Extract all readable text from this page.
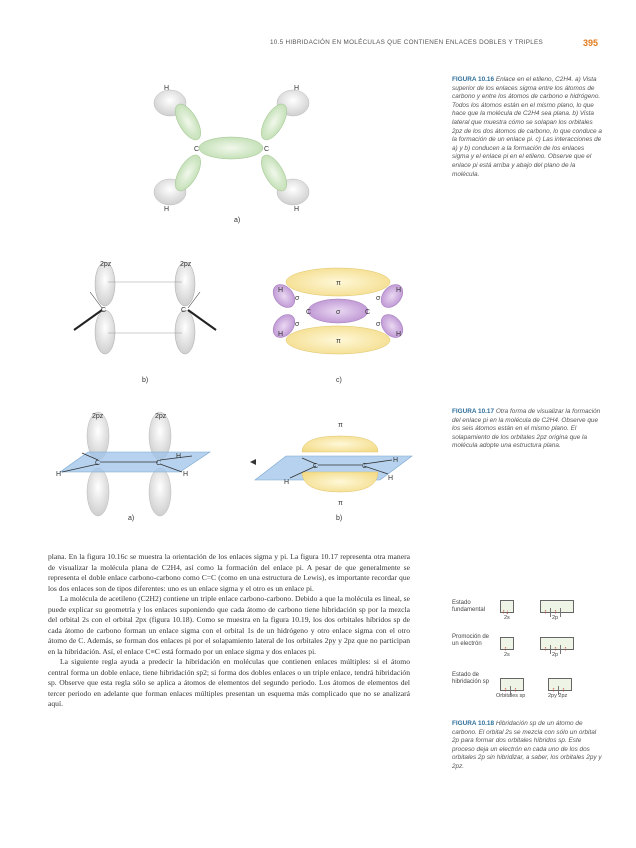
10.5 HIBRIDACIÓN EN MOLÉCULAS QUE CONTIENEN ENLACES DOBLES Y TRIPLES	395
H	H
H	H
C	C
a)
2pz	2pz
C	C
b)
π
π
σ
σ
σ
σ
σ
C	C
H
H
H
H
c)
2pz	2pz
C	C
H	H
H
a)
π
π
C	C
H
H
H
b)
FIGURA 10.16 Enlace en el etileno, C2H4. a) Vista superior de los enlaces sigma entre los átomos de carbono y entre los átomos de carbono e hidrógeno. Todos los átomos están en el mismo plano, lo que hace que la molécula de C2H4 sea plana. b) Vista lateral que muestra cómo se solapan los orbitales 2pz de los dos átomos de carbono, lo que conduce a la formación de un enlace pi. c) Las interacciones de a) y b) conducen a la formación de los enlaces sigma y el enlace pi en el etileno. Observe que el enlace pi está arriba y abajo del plano de la molécula.
FIGURA 10.17 Otra forma de visualizar la formación del enlace pi en la molécula de C2H4. Observe que los seis átomos están en el mismo plano. El solapamiento de los orbitales 2pz origina que la molécula adopte una estructura plana.

plana. En la figura 10.16c se muestra la orientación de los enlaces sigma y pi. La figura 10.17 representa otra manera de visualizar la molécula plana de C2H4, así como la formación del enlace pi. A pesar de que generalmente se representa el doble enlace carbono-carbono como C=C (como en una estructura de Lewis), es importante recordar que los dos enlaces son de tipos diferentes: uno es un enlace sigma y el otro es un enlace pi.

La molécula de acetileno (C2H2) contiene un triple enlace carbono-carbono. Debido a que la molécula es lineal, se puede explicar su geometría y los enlaces suponiendo que cada átomo de carbono tiene hibridación sp por la mezcla del orbital 2s con el orbital 2px (figura 10.18). Como se muestra en la figura 10.19, los dos orbitales híbridos sp de cada átomo de carbono forman un enlace sigma con el orbital 1s de un hidrógeno y otro enlace sigma con el otro átomo de C. Además, se forman dos enlaces pi por el solapamiento lateral de los orbitales 2py y 2pz que no participan en la hibridación. Así, el enlace C≡C está formado por un enlace sigma y dos enlaces pi.

La siguiente regla ayuda a predecir la hibridación en moléculas que contienen enlaces múltiples: si el átomo central forma un doble enlace, tiene hibridación sp2; si forma dos dobles enlaces o un triple enlace, tendrá hibridación sp. Observe que esta regla sólo se aplica a átomos de elementos del segundo periodo. Los átomos de elementos del tercer periodo en adelante que forman enlaces múltiples presentan un esquema más complicado que no se analizará aquí.

Estado fundamental	↑↓	↑ ↑
2s	2p
Promoción de un electrón
↑	↑ ↑ ↑
2s	2p
Estado de hibridación sp
↑ ↑	↑ ↑
Orbitales sp	2py 2pz
FIGURA 10.18 Hibridación sp de un átomo de carbono. El orbital 2s se mezcla con sólo un orbital 2p para formar dos orbitales híbridos sp. Este proceso deja un electrón en cada uno de los dos orbitales 2p sin hibridizar, a saber, los orbitales 2py y 2pz.
